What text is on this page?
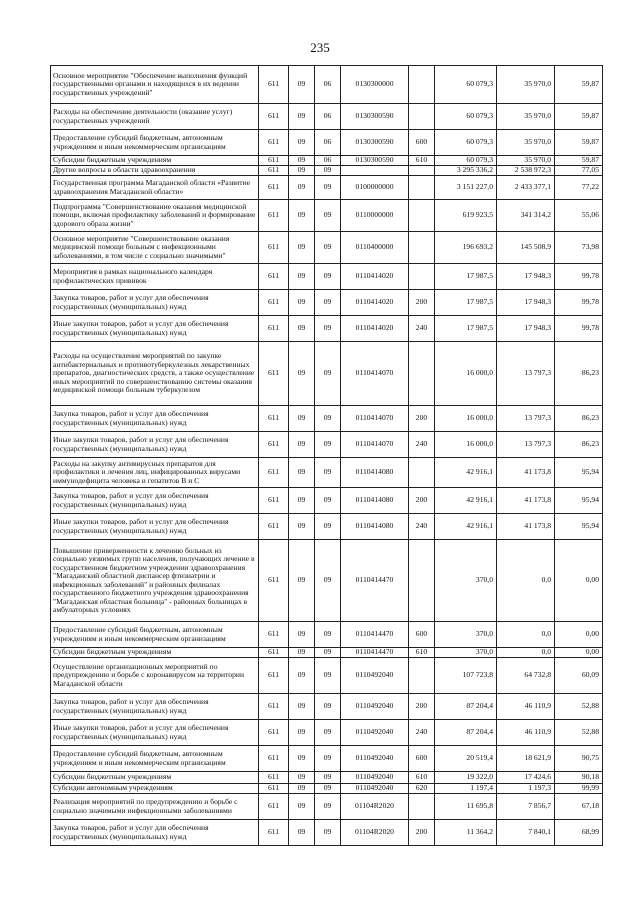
235
Основное мероприятие "Обеспечение выполнения функций государственными органами и находящихся в их ведении государственных учреждений"	611	09	06	0130300000		60 079,3	35 970,0	59,87
Расходы на обеспечение деятельности (оказание услуг) государственных учреждений	611	09	06	0130300590		60 079,3	35 970,0	59,87
Предоставление субсидий бюджетным, автономным учреждениям и иным некоммерческим организациям	611	09	06	0130300590	600	60 079,3	35 970,0	59,87
Субсидии бюджетным учреждениям	611	09	06	0130300590	610	60 079,3	35 970,0	59,87
Другие вопросы в области здравоохранения	611	09	09			3 295 336,2	2 538 972,3	77,05
Государственная программа Магаданской области «Развитие здравоохранения Магаданской области»	611	09	09	0100000000		3 151 227,0	2 433 377,1	77,22
Подпрограмма "Совершенствование оказания медицинской помощи, включая профилактику заболеваний и формирование здорового образа жизни"	611	09	09	0110000000		619 923,5	341 314,2	55,06
Основное мероприятие "Совершенствование оказания медицинской помощи больным с инфекционными заболеваниями, в том числе с социально значимыми"	611	09	09	0110400000		196 693,2	145 508,9	73,98
Мероприятия в рамках национального календаря профилактических прививок	611	09	09	0110414020		17 987,5	17 948,3	99,78
Закупка товаров, работ и услуг для обеспечения государственных (муниципальных) нужд	611	09	09	0110414020	200	17 987,5	17 948,3	99,78
Иные закупки товаров, работ и услуг для обеспечения государственных (муниципальных) нужд	611	09	09	0110414020	240	17 987,5	17 948,3	99,78
Расходы на осуществление мероприятий по закупке антибактериальных и противотуберкулезных лекарственных препаратов, диагностических средств, а также осуществление иных мероприятий по совершенствованию системы оказания медицинской помощи больным туберкулезом	611	09	09	0110414070		16 000,0	13 797,3	86,23
Закупка товаров, работ и услуг для обеспечения государственных (муниципальных) нужд	611	09	09	0110414070	200	16 000,0	13 797,3	86,23
Иные закупки товаров, работ и услуг для обеспечения государственных (муниципальных) нужд	611	09	09	0110414070	240	16 000,0	13 797,3	86,23
Расходы на закупку антивирусных препаратов для профилактики и лечения лиц, инфицированных вирусами иммунодефицита человека и гепатитов В и С	611	09	09	0110414080		42 916,1	41 173,8	95,94
Закупка товаров, работ и услуг для обеспечения государственных (муниципальных) нужд	611	09	09	0110414080	200	42 916,1	41 173,8	95,94
Иные закупки товаров, работ и услуг для обеспечения государственных (муниципальных) нужд	611	09	09	0110414080	240	42 916,1	41 173,8	95,94
Повышение приверженности к лечению больных из социально уязвимых групп населения, получающих лечение в государственном бюджетном учреждении здравоохранения "Магаданский областной диспансер фтизиатрии и инфекционных заболеваний" и районных филиалах государственного бюджетного учреждения здравоохранения "Магаданская областная больница" - районных больницах в амбулаторных условиях	611	09	09	0110414470		370,0	0,0	0,00
Предоставление субсидий бюджетным, автономным учреждениям и иным некоммерческим организациям	611	09	09	0110414470	600	370,0	0,0	0,00
Субсидии бюджетным учреждениям	611	09	09	0110414470	610	370,0	0,0	0,00
Осуществление организационных мероприятий по предупреждению и борьбе с коронавирусом на территории Магаданской области	611	09	09	0110492040		107 723,8	64 732,8	60,09
Закупка товаров, работ и услуг для обеспечения государственных (муниципальных) нужд	611	09	09	0110492040	200	87 204,4	46 110,9	52,88
Иные закупки товаров, работ и услуг для обеспечения государственных (муниципальных) нужд	611	09	09	0110492040	240	87 204,4	46 110,9	52,88
Предоставление субсидий бюджетным, автономным учреждениям и иным некоммерческим организациям	611	09	09	0110492040	600	20 519,4	18 621,9	90,75
Субсидии бюджетным учреждениям	611	09	09	0110492040	610	19 322,0	17 424,6	90,18
Субсидии автономным учреждениям	611	09	09	0110492040	620	1 197,4	1 197,3	99,99
Реализация мероприятий по предупреждению и борьбе с социально значимыми инфекционными заболеваниями	611	09	09	01104R2020		11 695,8	7 856,7	67,18
Закупка товаров, работ и услуг для обеспечения государственных (муниципальных) нужд	611	09	09	01104R2020	200	11 364,2	7 840,1	68,99
